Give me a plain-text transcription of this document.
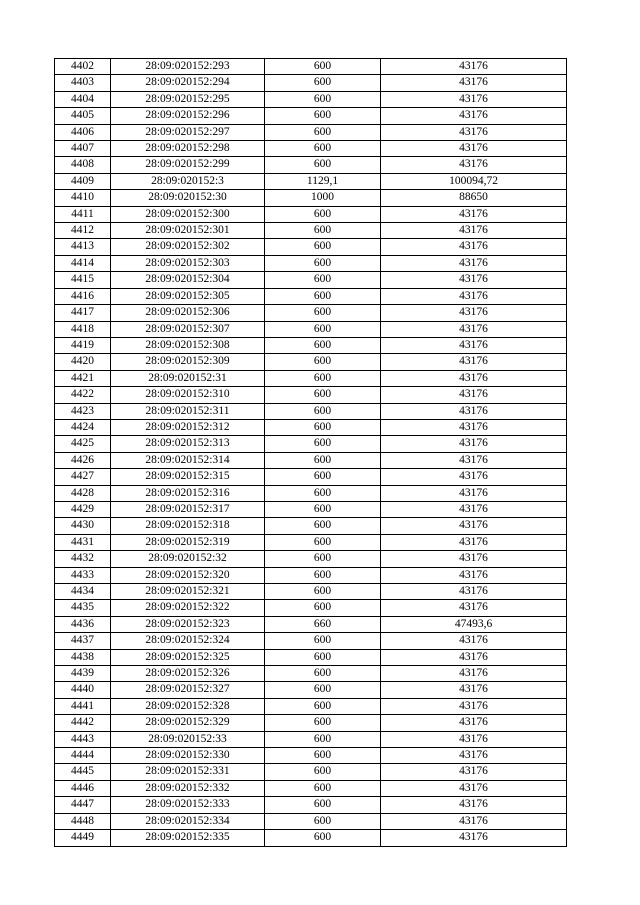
4402	28:09:020152:293	600	43176
4403	28:09:020152:294	600	43176
4404	28:09:020152:295	600	43176
4405	28:09:020152:296	600	43176
4406	28:09:020152:297	600	43176
4407	28:09:020152:298	600	43176
4408	28:09:020152:299	600	43176
4409	28:09:020152:3	1129,1	100094,72
4410	28:09:020152:30	1000	88650
4411	28:09:020152:300	600	43176
4412	28:09:020152:301	600	43176
4413	28:09:020152:302	600	43176
4414	28:09:020152:303	600	43176
4415	28:09:020152:304	600	43176
4416	28:09:020152:305	600	43176
4417	28:09:020152:306	600	43176
4418	28:09:020152:307	600	43176
4419	28:09:020152:308	600	43176
4420	28:09:020152:309	600	43176
4421	28:09:020152:31	600	43176
4422	28:09:020152:310	600	43176
4423	28:09:020152:311	600	43176
4424	28:09:020152:312	600	43176
4425	28:09:020152:313	600	43176
4426	28:09:020152:314	600	43176
4427	28:09:020152:315	600	43176
4428	28:09:020152:316	600	43176
4429	28:09:020152:317	600	43176
4430	28:09:020152:318	600	43176
4431	28:09:020152:319	600	43176
4432	28:09:020152:32	600	43176
4433	28:09:020152:320	600	43176
4434	28:09:020152:321	600	43176
4435	28:09:020152:322	600	43176
4436	28:09:020152:323	660	47493,6
4437	28:09:020152:324	600	43176
4438	28:09:020152:325	600	43176
4439	28:09:020152:326	600	43176
4440	28:09:020152:327	600	43176
4441	28:09:020152:328	600	43176
4442	28:09:020152:329	600	43176
4443	28:09:020152:33	600	43176
4444	28:09:020152:330	600	43176
4445	28:09:020152:331	600	43176
4446	28:09:020152:332	600	43176
4447	28:09:020152:333	600	43176
4448	28:09:020152:334	600	43176
4449	28:09:020152:335	600	43176
